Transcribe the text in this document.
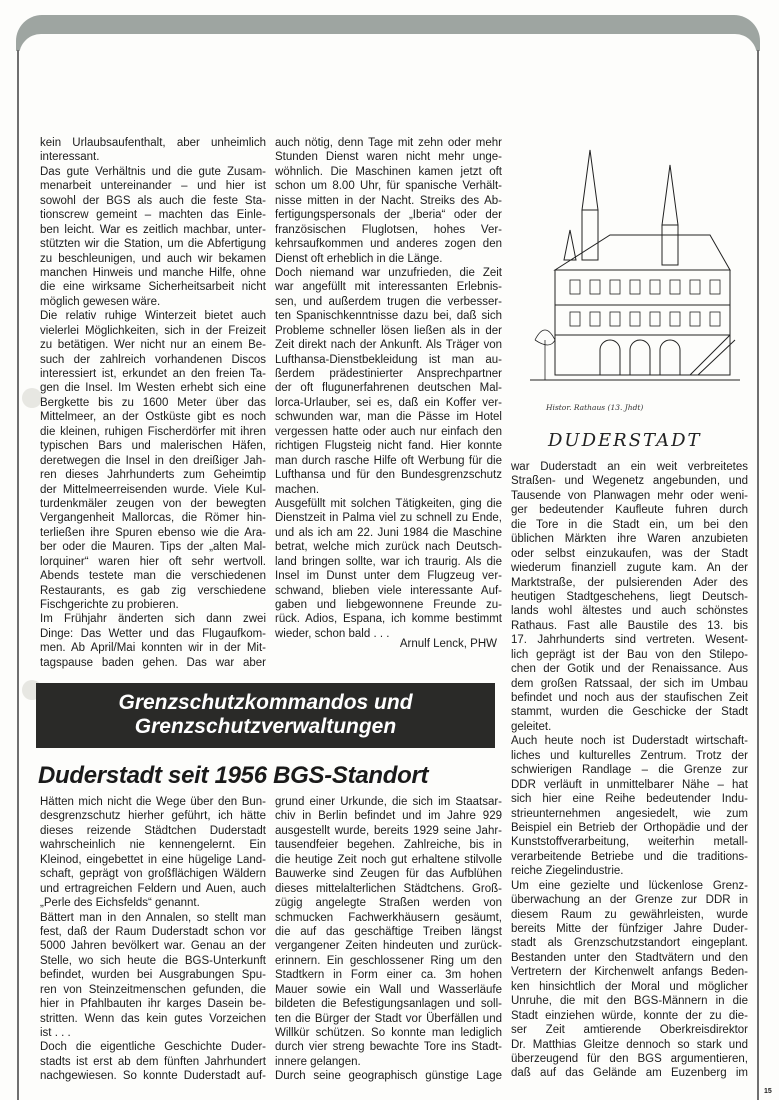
kein Urlaubsaufenthalt, aber unheimlich
interessant.
Das gute Verhältnis und die gute Zusam-
menarbeit untereinander – und hier ist
sowohl der BGS als auch die feste Sta-
tionscrew gemeint – machten das Einle-
ben leicht. War es zeitlich machbar, unter-
stützten wir die Station, um die Abfertigung
zu beschleunigen, und auch wir bekamen
manchen Hinweis und manche Hilfe, ohne
die eine wirksame Sicherheitsarbeit nicht
möglich gewesen wäre.
Die relativ ruhige Winterzeit bietet auch
vielerlei Möglichkeiten, sich in der Freizeit
zu betätigen. Wer nicht nur an einem Be-
such der zahlreich vorhandenen Discos
interessiert ist, erkundet an den freien Ta-
gen die Insel. Im Westen erhebt sich eine
Bergkette bis zu 1600 Meter über das
Mittelmeer, an der Ostküste gibt es noch
die kleinen, ruhigen Fischerdörfer mit ihren
typischen Bars und malerischen Häfen,
deretwegen die Insel in den dreißiger Jah-
ren dieses Jahrhunderts zum Geheimtip
der Mittelmeerreisenden wurde. Viele Kul-
turdenkmäler zeugen von der bewegten
Vergangenheit Mallorcas, die Römer hin-
terließen ihre Spuren ebenso wie die Ara-
ber oder die Mauren. Tips der „alten Mal-
lorquiner“ waren hier oft sehr wertvoll.
Abends testete man die verschiedenen
Restaurants, es gab zig verschiedene
Fischgerichte zu probieren.
Im Frühjahr änderten sich dann zwei
Dinge: Das Wetter und das Flugaufkom-
men. Ab April/Mai konnten wir in der Mit-
tagspause baden gehen. Das war aber
auch nötig, denn Tage mit zehn oder mehr
Stunden Dienst waren nicht mehr unge-
wöhnlich. Die Maschinen kamen jetzt oft
schon um 8.00 Uhr, für spanische Verhält-
nisse mitten in der Nacht. Streiks des Ab-
fertigungspersonals der „Iberia“ oder der
französischen Fluglotsen, hohes Ver-
kehrsaufkommen und anderes zogen den
Dienst oft erheblich in die Länge.
Doch niemand war unzufrieden, die Zeit
war angefüllt mit interessanten Erlebnis-
sen, und außerdem trugen die verbesser-
ten Spanischkenntnisse dazu bei, daß sich
Probleme schneller lösen ließen als in der
Zeit direkt nach der Ankunft. Als Träger von
Lufthansa-Dienstbekleidung ist man au-
ßerdem prädestinierter Ansprechpartner
der oft flugunerfahrenen deutschen Mal-
lorca-Urlauber, sei es, daß ein Koffer ver-
schwunden war, man die Pässe im Hotel
vergessen hatte oder auch nur einfach den
richtigen Flugsteig nicht fand. Hier konnte
man durch rasche Hilfe oft Werbung für die
Lufthansa und für den Bundesgrenzschutz
machen.
Ausgefüllt mit solchen Tätigkeiten, ging die
Dienstzeit in Palma viel zu schnell zu Ende,
und als ich am 22. Juni 1984 die Maschine
betrat, welche mich zurück nach Deutsch-
land bringen sollte, war ich traurig. Als die
Insel im Dunst unter dem Flugzeug ver-
schwand, blieben viele interessante Auf-
gaben und liebgewonnene Freunde zu-
rück. Adios, Espana, ich komme bestimmt
wieder, schon bald . . .
Arnulf Lenck, PHW
Grenzschutzkommandos und
Grenzschutzverwaltungen
Duderstadt seit 1956 BGS-Standort
Histor. Rathaus (13. Jhdt)
DUDERSTADT
war Duderstadt an ein weit verbreitetes
Straßen- und Wegenetz angebunden, und
Tausende von Planwagen mehr oder weni-
ger bedeutender Kaufleute fuhren durch
die Tore in die Stadt ein, um bei den
üblichen Märkten ihre Waren anzubieten
oder selbst einzukaufen, was der Stadt
wiederum finanziell zugute kam. An der
Marktstraße, der pulsierenden Ader des
heutigen Stadtgeschehens, liegt Deutsch-
lands wohl ältestes und auch schönstes
Rathaus. Fast alle Baustile des 13. bis
17. Jahrhunderts sind vertreten. Wesent-
lich geprägt ist der Bau von den Stilepo-
chen der Gotik und der Renaissance. Aus
dem großen Ratssaal, der sich im Umbau
befindet und noch aus der staufischen Zeit
stammt, wurden die Geschicke der Stadt
geleitet.
Auch heute noch ist Duderstadt wirtschaft-
liches und kulturelles Zentrum. Trotz der
schwierigen Randlage – die Grenze zur
DDR verläuft in unmittelbarer Nähe – hat
sich hier eine Reihe bedeutender Indu-
strieunternehmen angesiedelt, wie zum
Beispiel ein Betrieb der Orthopädie und der
Kunststoffverarbeitung, weiterhin metall-
verarbeitende Betriebe und die traditions-
reiche Ziegelindustrie.
Um eine gezielte und lückenlose Grenz-
überwachung an der Grenze zur DDR in
diesem Raum zu gewährleisten, wurde
bereits Mitte der fünfziger Jahre Duder-
stadt als Grenzschutzstandort eingeplant.
Bestanden unter den Stadtvätern und den
Vertretern der Kirchenwelt anfangs Beden-
ken hinsichtlich der Moral und möglicher
Unruhe, die mit den BGS-Männern in die
Stadt einziehen würde, konnte der zu die-
ser Zeit amtierende Oberkreisdirektor
Dr. Matthias Gleitze dennoch so stark und
überzeugend für den BGS argumentieren,
daß auf das Gelände am Euzenberg im
Hätten mich nicht die Wege über den Bun-
desgrenzschutz hierher geführt, ich hätte
dieses reizende Städtchen Duderstadt
wahrscheinlich nie kennengelernt. Ein
Kleinod, eingebettet in eine hügelige Land-
schaft, geprägt von großflächigen Wäldern
und ertragreichen Feldern und Auen, auch
„Perle des Eichsfelds“ genannt.
Bättert man in den Annalen, so stellt man
fest, daß der Raum Duderstadt schon vor
5000 Jahren bevölkert war. Genau an der
Stelle, wo sich heute die BGS-Unterkunft
befindet, wurden bei Ausgrabungen Spu-
ren von Steinzeitmenschen gefunden, die
hier in Pfahlbauten ihr karges Dasein be-
stritten. Wenn das kein gutes Vorzeichen
ist . . .
Doch die eigentliche Geschichte Duder-
stadts ist erst ab dem fünften Jahrhundert
nachgewiesen. So konnte Duderstadt auf-
grund einer Urkunde, die sich im Staatsar-
chiv in Berlin befindet und im Jahre 929
ausgestellt wurde, bereits 1929 seine Jahr-
tausendfeier begehen. Zahlreiche, bis in
die heutige Zeit noch gut erhaltene stilvolle
Bauwerke sind Zeugen für das Aufblühen
dieses mittelalterlichen Städtchens. Groß-
zügig angelegte Straßen werden von
schmucken Fachwerkhäusern gesäumt,
die auf das geschäftige Treiben längst
vergangener Zeiten hindeuten und zurück-
erinnern. Ein geschlossener Ring um den
Stadtkern in Form einer ca. 3m hohen
Mauer sowie ein Wall und Wasserläufe
bildeten die Befestigungsanlagen und soll-
ten die Bürger der Stadt vor Überfällen und
Willkür schützen. So konnte man lediglich
durch vier streng bewachte Tore ins Stadt-
innere gelangen.
Durch seine geographisch günstige Lage
15
